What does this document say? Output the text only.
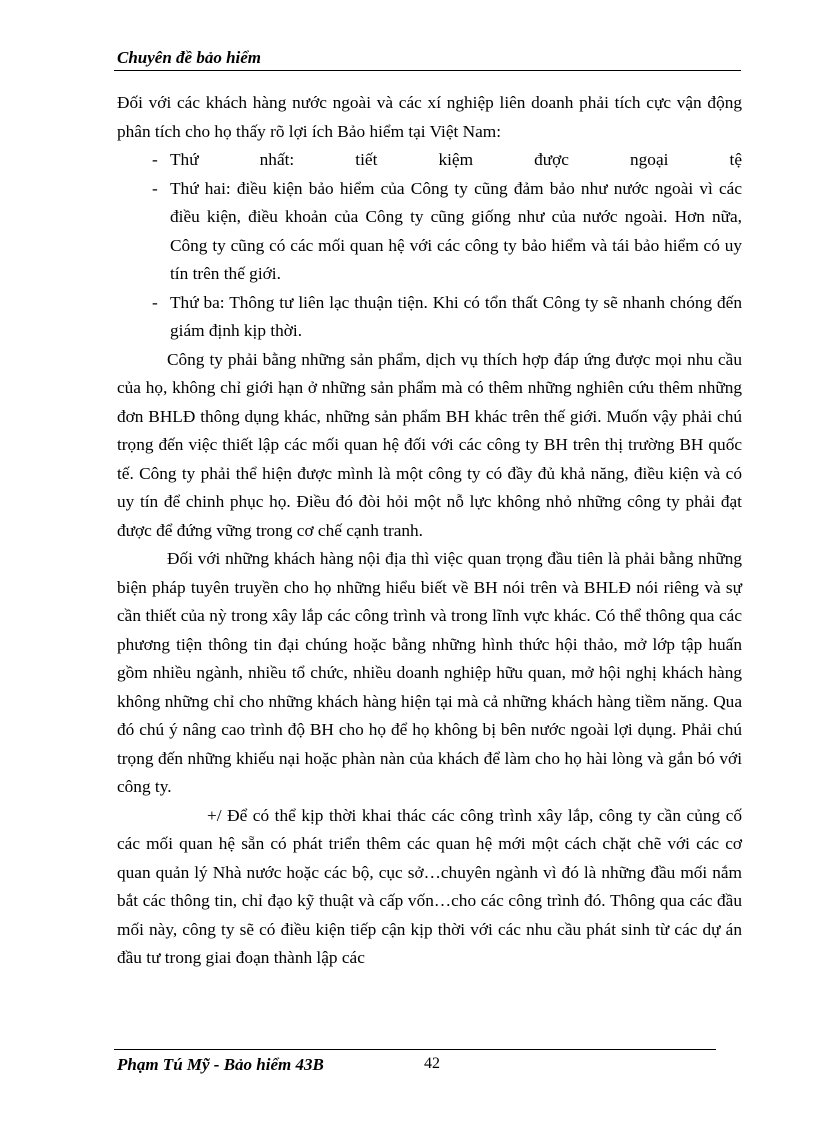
Chuyên đề bảo hiểm

Đối với các khách hàng nước ngoài và các xí nghiệp liên doanh phải tích cực vận động phân tích cho họ thấy rõ lợi ích Bảo hiểm tại Việt Nam:

- Thứ nhất: tiết kiệm được ngoại tệ
- Thứ hai: điều kiện bảo hiểm của Công ty cũng đảm bảo như nước ngoài vì các điều kiện, điều khoản của Công ty cũng giống như của nước ngoài. Hơn nữa, Công ty cũng có các mối quan hệ với các công ty bảo hiểm và tái bảo hiểm có uy tín trên thế giới.
- Thứ ba: Thông tư liên lạc thuận tiện. Khi có tổn thất Công ty sẽ nhanh chóng đến giám định kịp thời.

Công ty phải bằng những sản phẩm, dịch vụ thích hợp đáp ứng được mọi nhu cầu của họ, không chỉ giới hạn ở những sản phẩm mà có thêm những nghiên cứu thêm những đơn BHLĐ thông dụng khác, những sản phẩm BH khác trên thế giới. Muốn vậy phải chú trọng đến việc thiết lập các mối quan hệ đối với các công ty BH trên thị trường BH quốc tế. Công ty phải thể hiện được mình là một công ty có đầy đủ khả năng, điều kiện và có uy tín để chinh phục họ. Điều đó đòi hỏi một nỗ lực không nhỏ những công ty phải đạt được để đứng vững trong cơ chế cạnh tranh.

Đối với những khách hàng nội địa thì việc quan trọng đầu tiên là phải bằng những biện pháp tuyên truyền cho họ những hiểu biết về BH nói trên và BHLĐ nói riêng và sự cần thiết của nỳ trong xây lắp các công trình và trong lĩnh vực khác. Có thể thông qua các phương tiện thông tin đại chúng hoặc bằng những hình thức hội thảo, mở lớp tập huấn gồm nhiều ngành, nhiều tổ chức, nhiều doanh nghiệp hữu quan, mở hội nghị khách hàng không những chỉ cho những khách hàng hiện tại mà cả những khách hàng tiềm năng. Qua đó chú ý nâng cao trình độ BH cho họ để họ không bị bên nước ngoài lợi dụng. Phải chú trọng đến những khiếu nại hoặc phàn nàn của khách để làm cho họ hài lòng và gắn bó với công ty.

+/ Để có thể kịp thời khai thác các công trình xây lắp, công ty cần củng cố các mối quan hệ sẵn có phát triển thêm các quan hệ mới một cách chặt chẽ với các cơ quan quản lý Nhà nước hoặc các bộ, cục sở…chuyên ngành vì đó là những đầu mối nắm bắt các thông tin, chỉ đạo kỹ thuật và cấp vốn…cho các công trình đó. Thông qua các đầu mối này, công ty sẽ có điều kiện tiếp cận kịp thời với các nhu cầu phát sinh từ các dự án đầu tư trong giai đoạn thành lập các

Phạm Tú Mỹ - Bảo hiểm 43B	42
